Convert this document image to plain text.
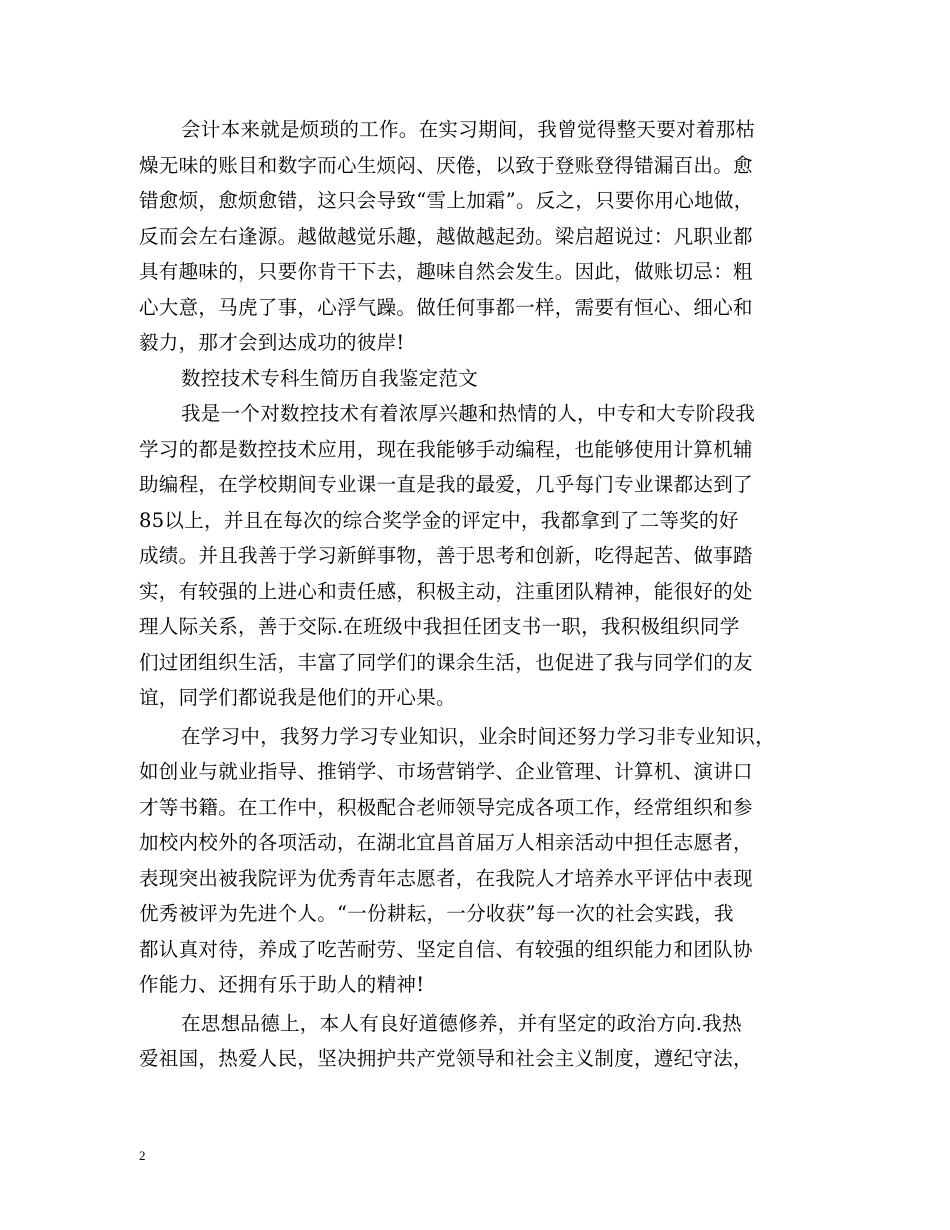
会计本来就是烦琐的工作。在实习期间，我曾觉得整天要对着那枯
燥无味的账目和数字而心生烦闷、厌倦，以致于登账登得错漏百出。愈
错愈烦，愈烦愈错，这只会导致“雪上加霜”。反之，只要你用心地做，
反而会左右逢源。越做越觉乐趣，越做越起劲。梁启超说过：凡职业都
具有趣味的，只要你肯干下去，趣味自然会发生。因此，做账切忌：粗
心大意，马虎了事，心浮气躁。做任何事都一样，需要有恒心、细心和
毅力，那才会到达成功的彼岸!
数控技术专科生简历自我鉴定范文
我是一个对数控技术有着浓厚兴趣和热情的人，中专和大专阶段我
学习的都是数控技术应用，现在我能够手动编程，也能够使用计算机辅
助编程，在学校期间专业课一直是我的最爱，几乎每门专业课都达到了
85以上，并且在每次的综合奖学金的评定中，我都拿到了二等奖的好
成绩。并且我善于学习新鲜事物，善于思考和创新，吃得起苦、做事踏
实，有较强的上进心和责任感，积极主动，注重团队精神，能很好的处
理人际关系，善于交际.在班级中我担任团支书一职，我积极组织同学
们过团组织生活，丰富了同学们的课余生活，也促进了我与同学们的友
谊，同学们都说我是他们的开心果。
在学习中，我努力学习专业知识，业余时间还努力学习非专业知识，
如创业与就业指导、推销学、市场营销学、企业管理、计算机、演讲口
才等书籍。在工作中，积极配合老师领导完成各项工作，经常组织和参
加校内校外的各项活动，在湖北宜昌首届万人相亲活动中担任志愿者，
表现突出被我院评为优秀青年志愿者，在我院人才培养水平评估中表现
优秀被评为先进个人。“一份耕耘，一分收获”每一次的社会实践，我
都认真对待，养成了吃苦耐劳、坚定自信、有较强的组织能力和团队协
作能力、还拥有乐于助人的精神!
在思想品德上，本人有良好道德修养，并有坚定的政治方向.我热
爱祖国，热爱人民，坚决拥护共产党领导和社会主义制度，遵纪守法，
2
